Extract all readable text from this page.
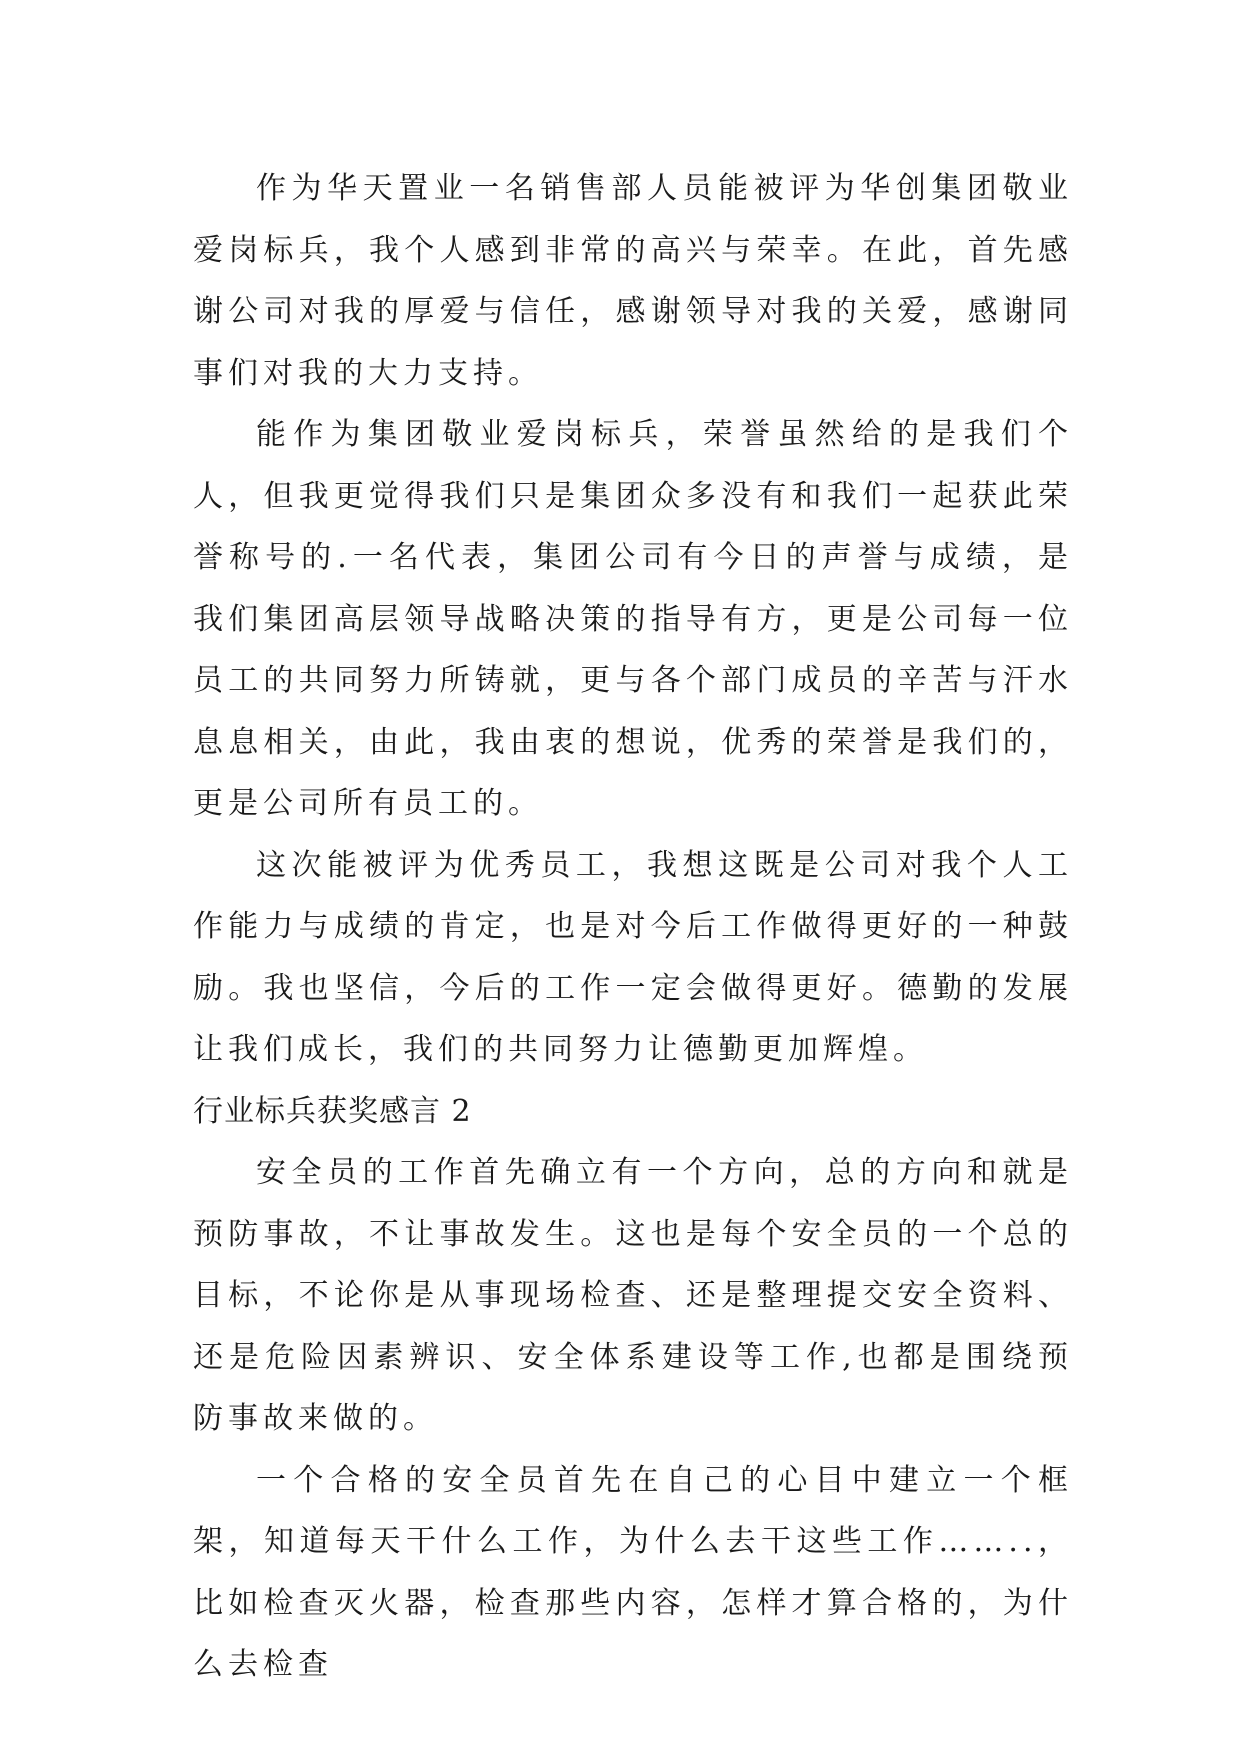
作为华天置业一名销售部人员能被评为华创集团敬业爱岗标兵，我个人感到非常的高兴与荣幸。在此，首先感谢公司对我的厚爱与信任，感谢领导对我的关爱，感谢同事们对我的大力支持。

能作为集团敬业爱岗标兵，荣誉虽然给的是我们个人，但我更觉得我们只是集团众多没有和我们一起获此荣誉称号的.一名代表，集团公司有今日的声誉与成绩，是我们集团高层领导战略决策的指导有方，更是公司每一位员工的共同努力所铸就，更与各个部门成员的辛苦与汗水息息相关，由此，我由衷的想说，优秀的荣誉是我们的，更是公司所有员工的。

这次能被评为优秀员工，我想这既是公司对我个人工作能力与成绩的肯定，也是对今后工作做得更好的一种鼓励。我也坚信，今后的工作一定会做得更好。德勤的发展让我们成长，我们的共同努力让德勤更加辉煌。

行业标兵获奖感言 2

安全员的工作首先确立有一个方向，总的方向和就是预防事故，不让事故发生。这也是每个安全员的一个总的目标，不论你是从事现场检查、还是整理提交安全资料、还是危险因素辨识、安全体系建设等工作,也都是围绕预防事故来做的。

一个合格的安全员首先在自己的心目中建立一个框架，知道每天干什么工作，为什么去干这些工作……..，比如检查灭火器，检查那些内容，怎样才算合格的，为什么去检查
